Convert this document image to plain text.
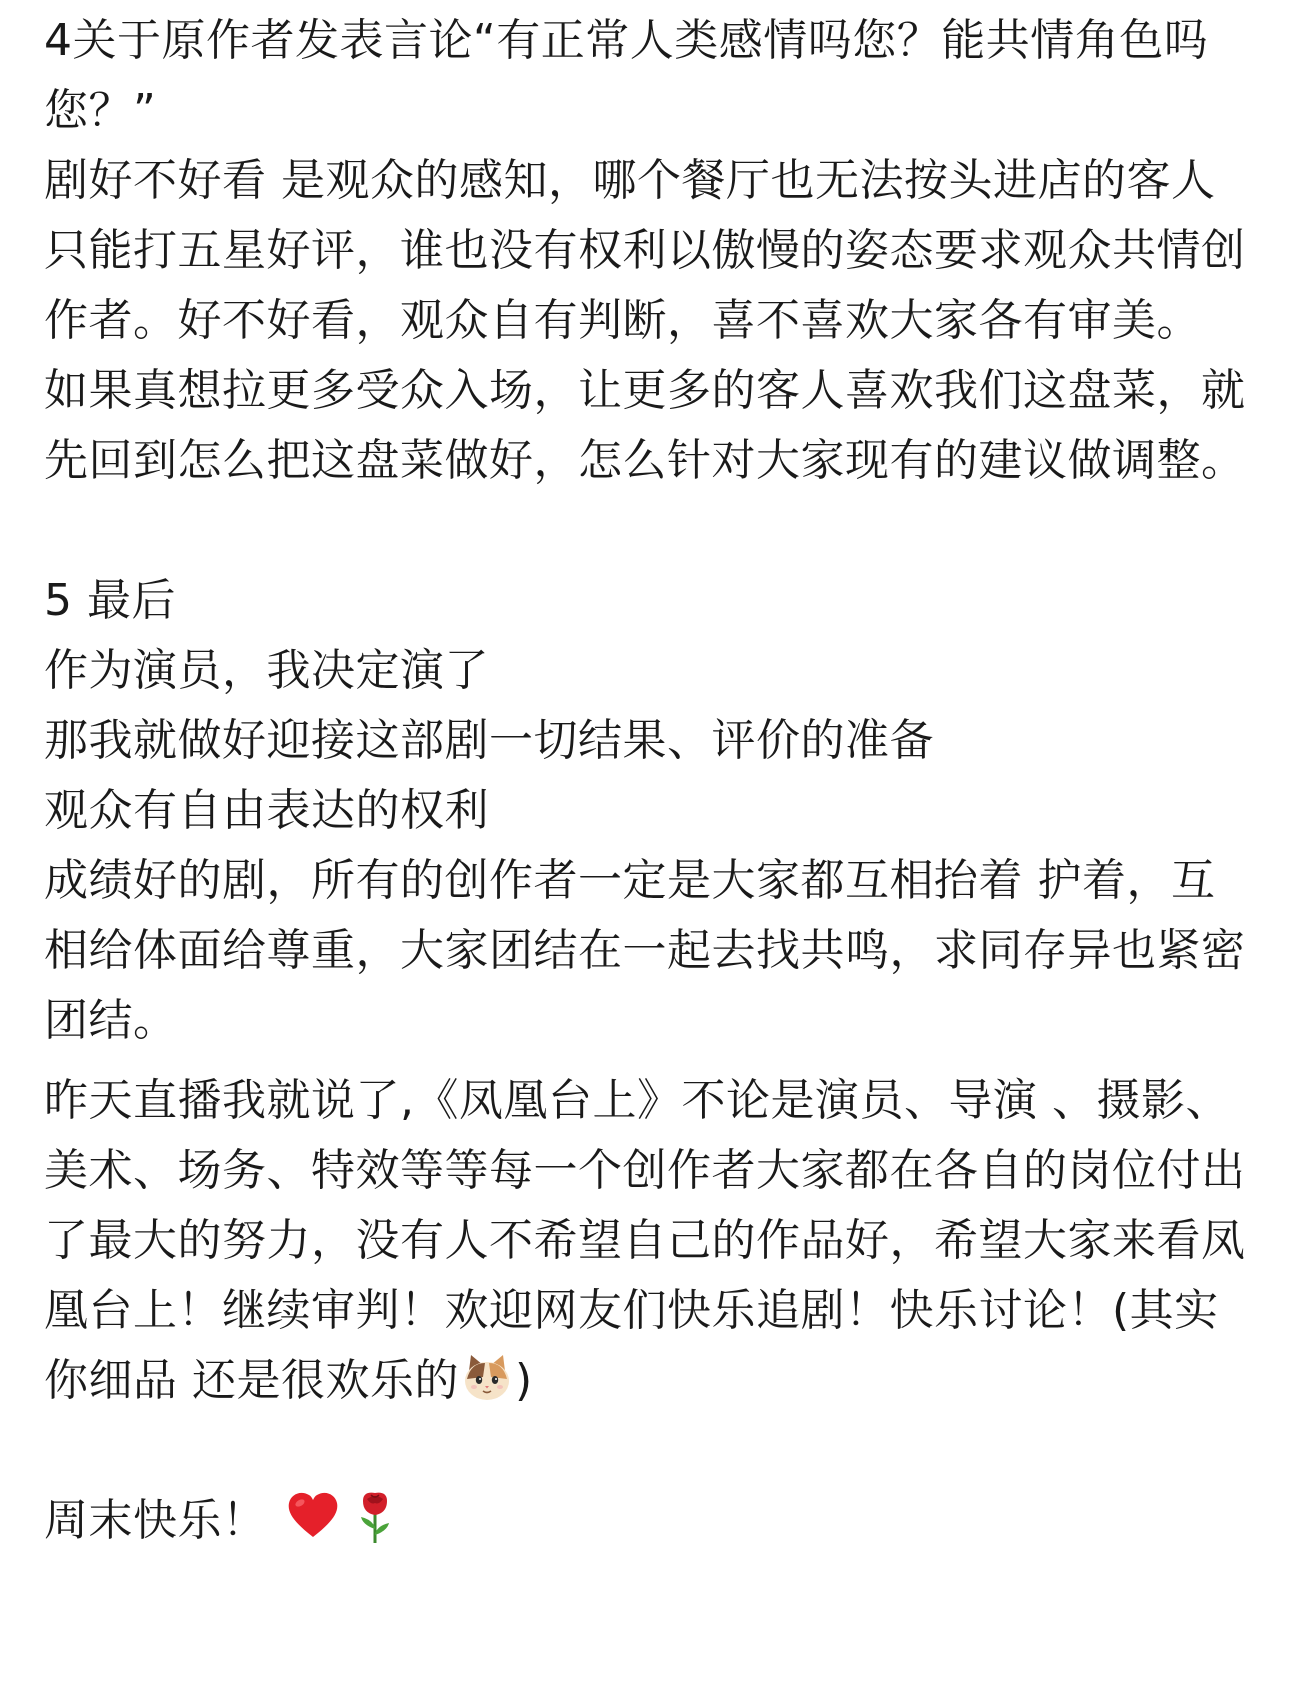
4关于原作者发表言论“有正常人类感情吗您？能共情角色吗您？”

剧好不好看 是观众的感知，哪个餐厅也无法按头进店的客人只能打五星好评，谁也没有权利以傲慢的姿态要求观众共情创作者。好不好看，观众自有判断，喜不喜欢大家各有审美。

如果真想拉更多受众入场，让更多的客人喜欢我们这盘菜，就先回到怎么把这盘菜做好，怎么针对大家现有的建议做调整。

5 最后

作为演员，我决定演了

那我就做好迎接这部剧一切结果、评价的准备

观众有自由表达的权利

成绩好的剧，所有的创作者一定是大家都互相抬着 护着，互相给体面给尊重，大家团结在一起去找共鸣，求同存异也紧密团结。

昨天直播我就说了,《凤凰台上》不论是演员、导演 、摄影、美术、场务、特效等等每一个创作者大家都在各自的岗位付出了最大的努力，没有人不希望自己的作品好，希望大家来看凤凰台上！继续审判！欢迎网友们快乐追剧！快乐讨论！(其实你细品 还是很欢乐的 )

周末快乐！
